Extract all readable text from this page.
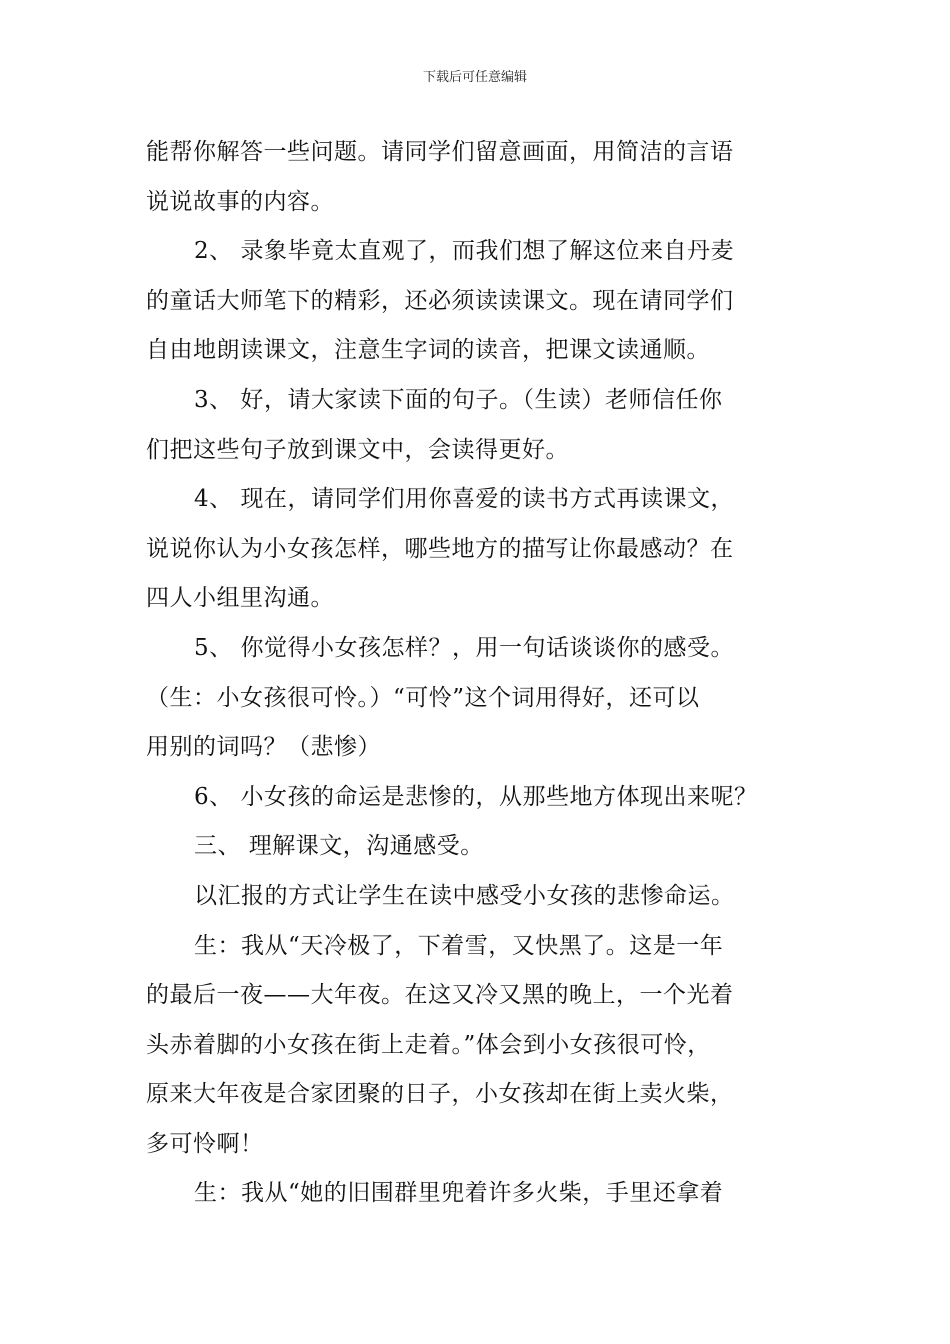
下载后可任意编辑
能帮你解答一些问题。请同学们留意画面，用简洁的言语
说说故事的内容。
2、 录象毕竟太直观了，而我们想了解这位来自丹麦
的童话大师笔下的精彩，还必须读读课文。现在请同学们
自由地朗读课文，注意生字词的读音，把课文读通顺。
3、 好，请大家读下面的句子。（生读）老师信任你
们把这些句子放到课文中，会读得更好。
4、 现在，请同学们用你喜爱的读书方式再读课文，
说说你认为小女孩怎样，哪些地方的描写让你最感动？在
四人小组里沟通。
5、 你觉得小女孩怎样？，用一句话谈谈你的感受。
（生：小女孩很可怜。）“可怜”这个词用得好，还可以
用别的词吗？（悲惨）
6、 小女孩的命运是悲惨的，从那些地方体现出来呢？
三、 理解课文，沟通感受。
以汇报的方式让学生在读中感受小女孩的悲惨命运。
生：我从“天冷极了，下着雪，又快黑了。这是一年
的最后一夜——大年夜。在这又冷又黑的晚上，一个光着
头赤着脚的小女孩在街上走着。”体会到小女孩很可怜，
原来大年夜是合家团聚的日子，小女孩却在街上卖火柴，
多可怜啊！
生：我从“她的旧围群里兜着许多火柴，手里还拿着
